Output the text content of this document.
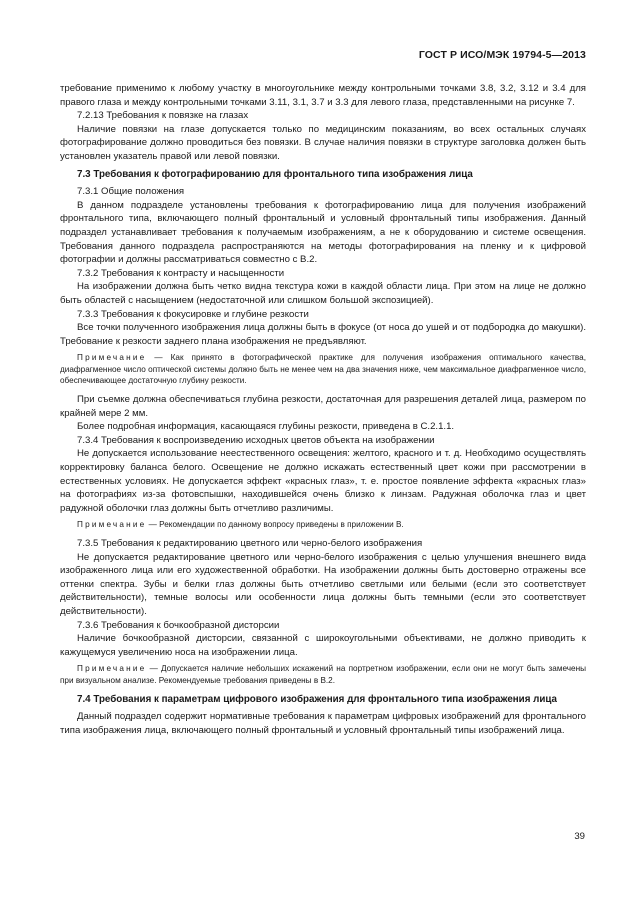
ГОСТ Р ИСО/МЭК 19794-5—2013

требование применимо к любому участку в многоугольнике между контрольными точками 3.8, 3.2, 3.12 и 3.4 для правого глаза и между контрольными точками 3.11, 3.1, 3.7 и 3.3 для левого глаза, представленными на рисунке 7.

7.2.13 Требования к повязке на глазах

Наличие повязки на глазе допускается только по медицинским показаниям, во всех остальных случаях фотографирование должно проводиться без повязки. В случае наличия повязки в структуре заголовка должен быть установлен указатель правой или левой повязки.

7.3 Требования к фотографированию для фронтального типа изображения лица

7.3.1 Общие положения

В данном подразделе установлены требования к фотографированию лица для получения изображений фронтального типа, включающего полный фронтальный и условный фронтальный типы изображения. Данный подраздел устанавливает требования к получаемым изображениям, а не к оборудованию и системе освещения. Требования данного подраздела распространяются на методы фотографирования на пленку и к цифровой фотографии и должны рассматриваться совместно с В.2.

7.3.2 Требования к контрасту и насыщенности

На изображении должна быть четко видна текстура кожи в каждой области лица. При этом на лице не должно быть областей с насыщением (недостаточной или слишком большой экспозицией).

7.3.3 Требования к фокусировке и глубине резкости

Все точки полученного изображения лица должны быть в фокусе (от носа до ушей и от подбородка до макушки). Требование к резкости заднего плана изображения не предъявляют.

Примечание — Как принято в фотографической практике для получения изображения оптимального качества, диафрагменное число оптической системы должно быть не менее чем на два значения ниже, чем максимальное диафрагменное число, обеспечивающее достаточную глубину резкости.

При съемке должна обеспечиваться глубина резкости, достаточная для разрешения деталей лица, размером по крайней мере 2 мм.

Более подробная информация, касающаяся глубины резкости, приведена в С.2.1.1.

7.3.4 Требования к воспроизведению исходных цветов объекта на изображении

Не допускается использование неестественного освещения: желтого, красного и т. д. Необходимо осуществлять корректировку баланса белого. Освещение не должно искажать естественный цвет кожи при рассмотрении в естественных условиях. Не допускается эффект «красных глаз», т. е. простое появление эффекта «красных глаз» на фотографиях из-за фотовспышки, находившейся очень близко к линзам. Радужная оболочка глаз и цвет радужной оболочки глаз должны быть отчетливо различимы.

Примечание — Рекомендации по данному вопросу приведены в приложении В.

7.3.5 Требования к редактированию цветного или черно-белого изображения

Не допускается редактирование цветного или черно-белого изображения с целью улучшения внешнего вида изображенного лица или его художественной обработки. На изображении должны быть достоверно отражены все оттенки спектра. Зубы и белки глаз должны быть отчетливо светлыми или белыми (если это соответствует действительности), темные волосы или особенности лица должны быть темными (если это соответствует действительности).

7.3.6 Требования к бочкообразной дисторсии

Наличие бочкообразной дисторсии, связанной с широкоугольными объективами, не должно приводить к кажущемуся увеличению носа на изображении лица.

Примечание — Допускается наличие небольших искажений на портретном изображении, если они не могут быть замечены при визуальном анализе. Рекомендуемые требования приведены в В.2.

7.4 Требования к параметрам цифрового изображения для фронтального типа изображения лица

Данный подраздел содержит нормативные требования к параметрам цифровых изображений для фронтального типа изображения лица, включающего полный фронтальный и условный фронтальный типы изображений лица.

39
